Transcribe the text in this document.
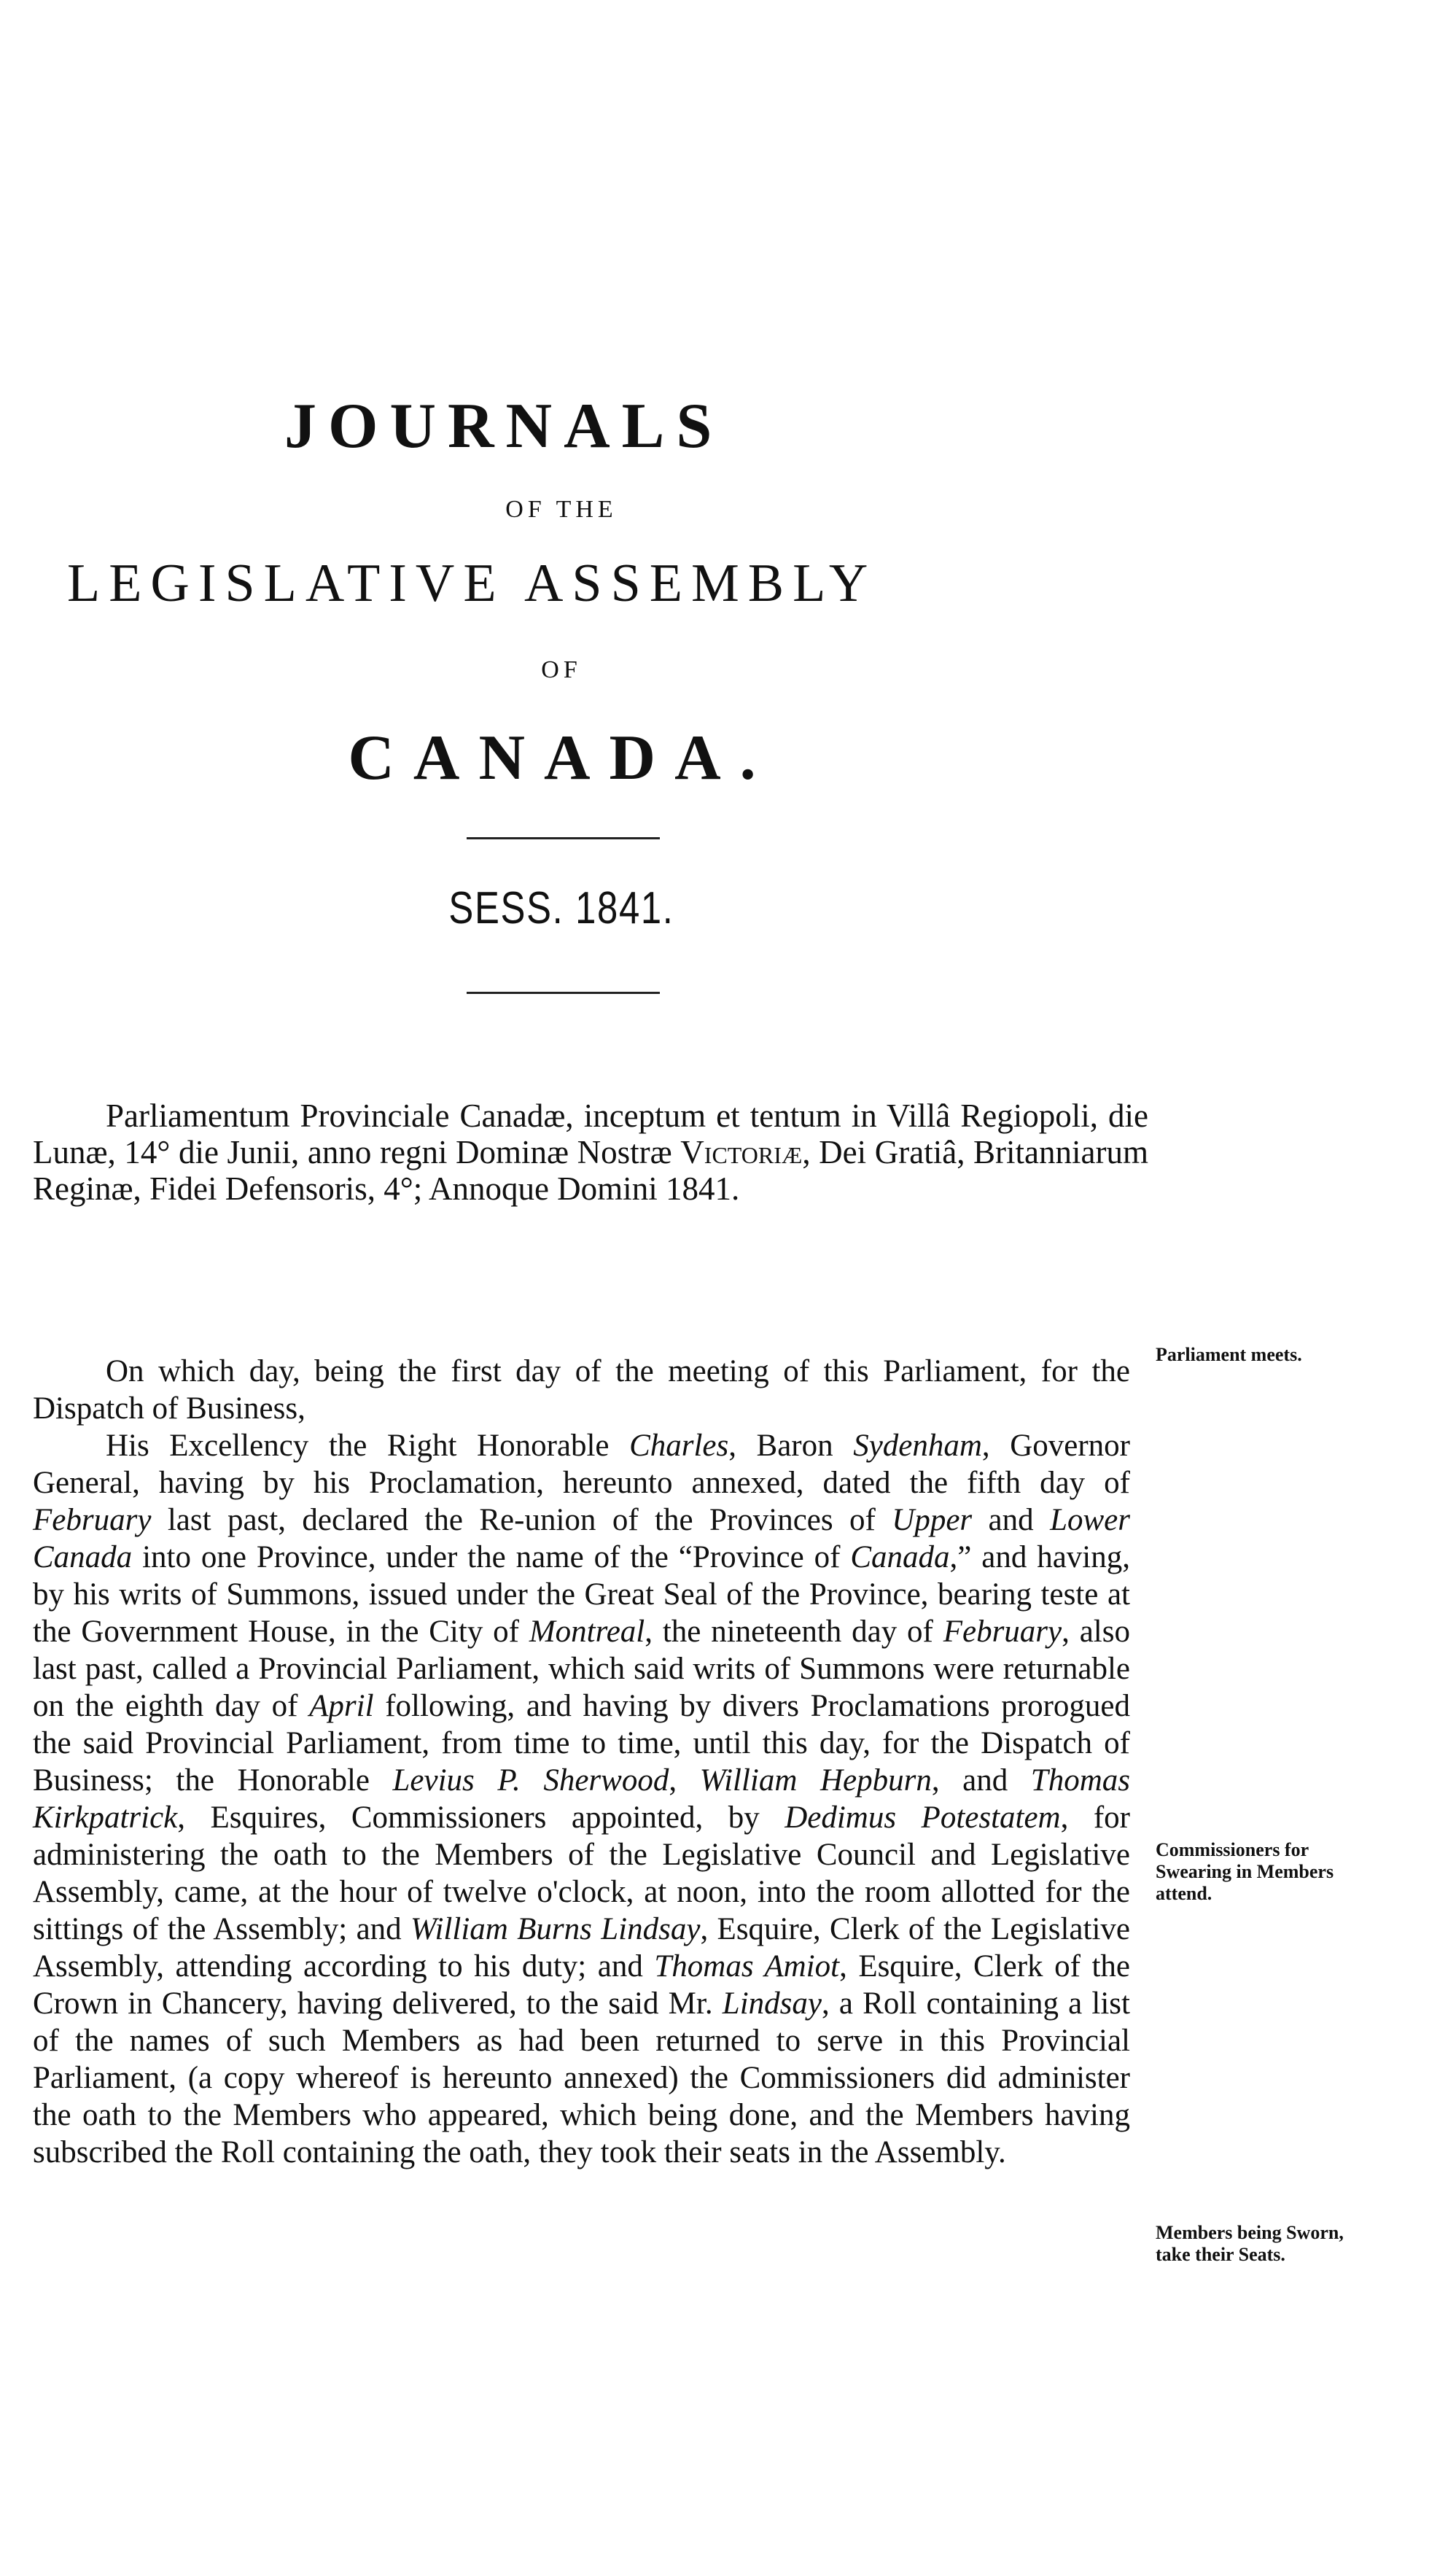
JOURNALS
OF THE
LEGISLATIVE ASSEMBLY
OF
CANADA.
SESS. 1841.

Parliamentum Provinciale Canadæ, inceptum et tentum in Villâ Regiopoli, die Lunæ, 14° die Junii, anno regni Dominæ Nostræ Victoriæ, Dei Gratiâ, Britanniarum Reginæ, Fidei Defensoris, 4°; Annoque Domini 1841.

On which day, being the first day of the meeting of this Parliament, for the Dispatch of Business,

His Excellency the Right Honorable Charles, Baron Sydenham, Governor General, having by his Proclamation, hereunto annexed, dated the fifth day of February last past, declared the Re-union of the Provinces of Upper and Lower Canada into one Province, under the name of the “Province of Canada,” and having, by his writs of Summons, issued under the Great Seal of the Province, bearing teste at the Government House, in the City of Montreal, the nineteenth day of February, also last past, called a Provincial Parliament, which said writs of Summons were returnable on the eighth day of April following, and having by divers Proclamations prorogued the said Provincial Parliament, from time to time, until this day, for the Dispatch of Business; the Honorable Levius P. Sherwood, William Hepburn, and Thomas Kirkpatrick, Esquires, Commissioners appointed, by Dedimus Potestatem, for administering the oath to the Members of the Legislative Council and Legislative Assembly, came, at the hour of twelve o'clock, at noon, into the room allotted for the sittings of the Assembly; and William Burns Lindsay, Esquire, Clerk of the Legislative Assembly, attending according to his duty; and Thomas Amiot, Esquire, Clerk of the Crown in Chancery, having delivered, to the said Mr. Lindsay, a Roll containing a list of the names of such Members as had been returned to serve in this Provincial Parliament, (a copy whereof is hereunto annexed) the Commissioners did administer the oath to the Members who appeared, which being done, and the Members having subscribed the Roll containing the oath, they took their seats in the Assembly.

Parliament meets.
Commissioners for Swearing in Members attend.
Members being Sworn, take their Seats.
